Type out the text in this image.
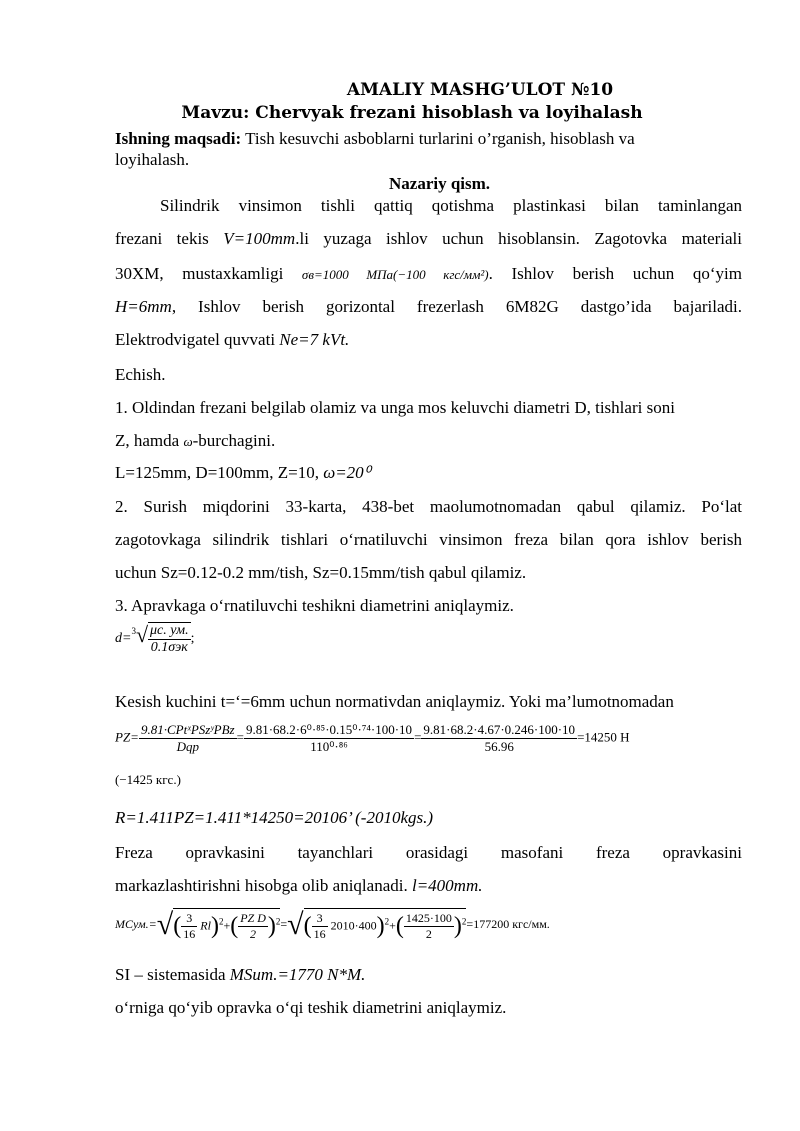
AMALIY MASHG’ULOT №10
Mavzu: Chervyak frezani hisoblash va loyihalash
Ishning maqsadi: Tish kesuvchi asboblarni turlarini o’rganish, hisoblash va
loyihalash.
Nazariy qism.
Silindrik vinsimon tishli qattiq qotishma plastinkasi bilan taminlangan
frezani tekis V=100mm.li yuzaga ishlov uchun hisoblansin. Zagotovka materiali
30XM, mustaxkamligi σв=1000 МПа(−100 кгс/мм²). Ishlov berish uchun qo‘yim
H=6mm, Ishlov berish gorizontal frezerlash 6M82G dastgo’ida bajariladi.
Elektrodvigatel quvvati Ne=7 kVt.
Echish.
1. Oldindan frezani belgilab olamiz va unga mos keluvchi diametri D, tishlari soni
Z, hamda ω-burchagini.
L=125mm, D=100mm, Z=10, ω=20⁰
2. Surish miqdorini 33-karta, 438-bet maolumotnomadan qabul qilamiz. Po‘lat
zagotovkaga silindrik tishlari o‘rnatiluvchi vinsimon freza bilan qora ishlov berish
uchun Sz=0.12-0.2 mm/tish, Sz=0.15mm/tish qabul qilamiz.
3. Apravkaga o‘rnatiluvchi teshikni diametrini aniqlaymiz.
$d=^3√ \frac{\mu с. ум.}{\text{0.1σэк}}$ ;
Kesish kuchini t=‘=6mm uchun normativdan aniqlaymiz. Yoki ma’lumotnomadan
$PZ= \frac{\text{9.81·CPtˣPSzʸPBz}}{\text{Dqp}} = \frac{\text{9.81·68.2·6⁰·⁸⁵·0.15⁰·⁷⁴·100·10}}{\text{110⁰·⁸⁶}} = \frac{9.81\cdot 68.2\cdot 4.67\cdot 0.246\cdot 100\cdot 10}{56.96} =14250$ H
(−1425 кгс.)
R=1.411PZ=1.411*14250=20106’ (-2010kgs.)
Freza opravkasini tayanchlari orasidagi masofani freza opravkasini
markazlashtirishni hisobga olib aniqlanadi. l=400mm.
MСум.=√( $\frac{3}{16} Rl)^2+( \frac{\text{PZ D}}{2} )^2=√( \frac{3}{16} 2010\cdot 400)^2+( \frac{1425\cdot 100}{2} )^2=177200$ кгс/мм.
SI – sistemasida MSum.=1770 N*M.
o‘rniga qo‘yib opravka o‘qi teshik diametrini aniqlaymiz.
